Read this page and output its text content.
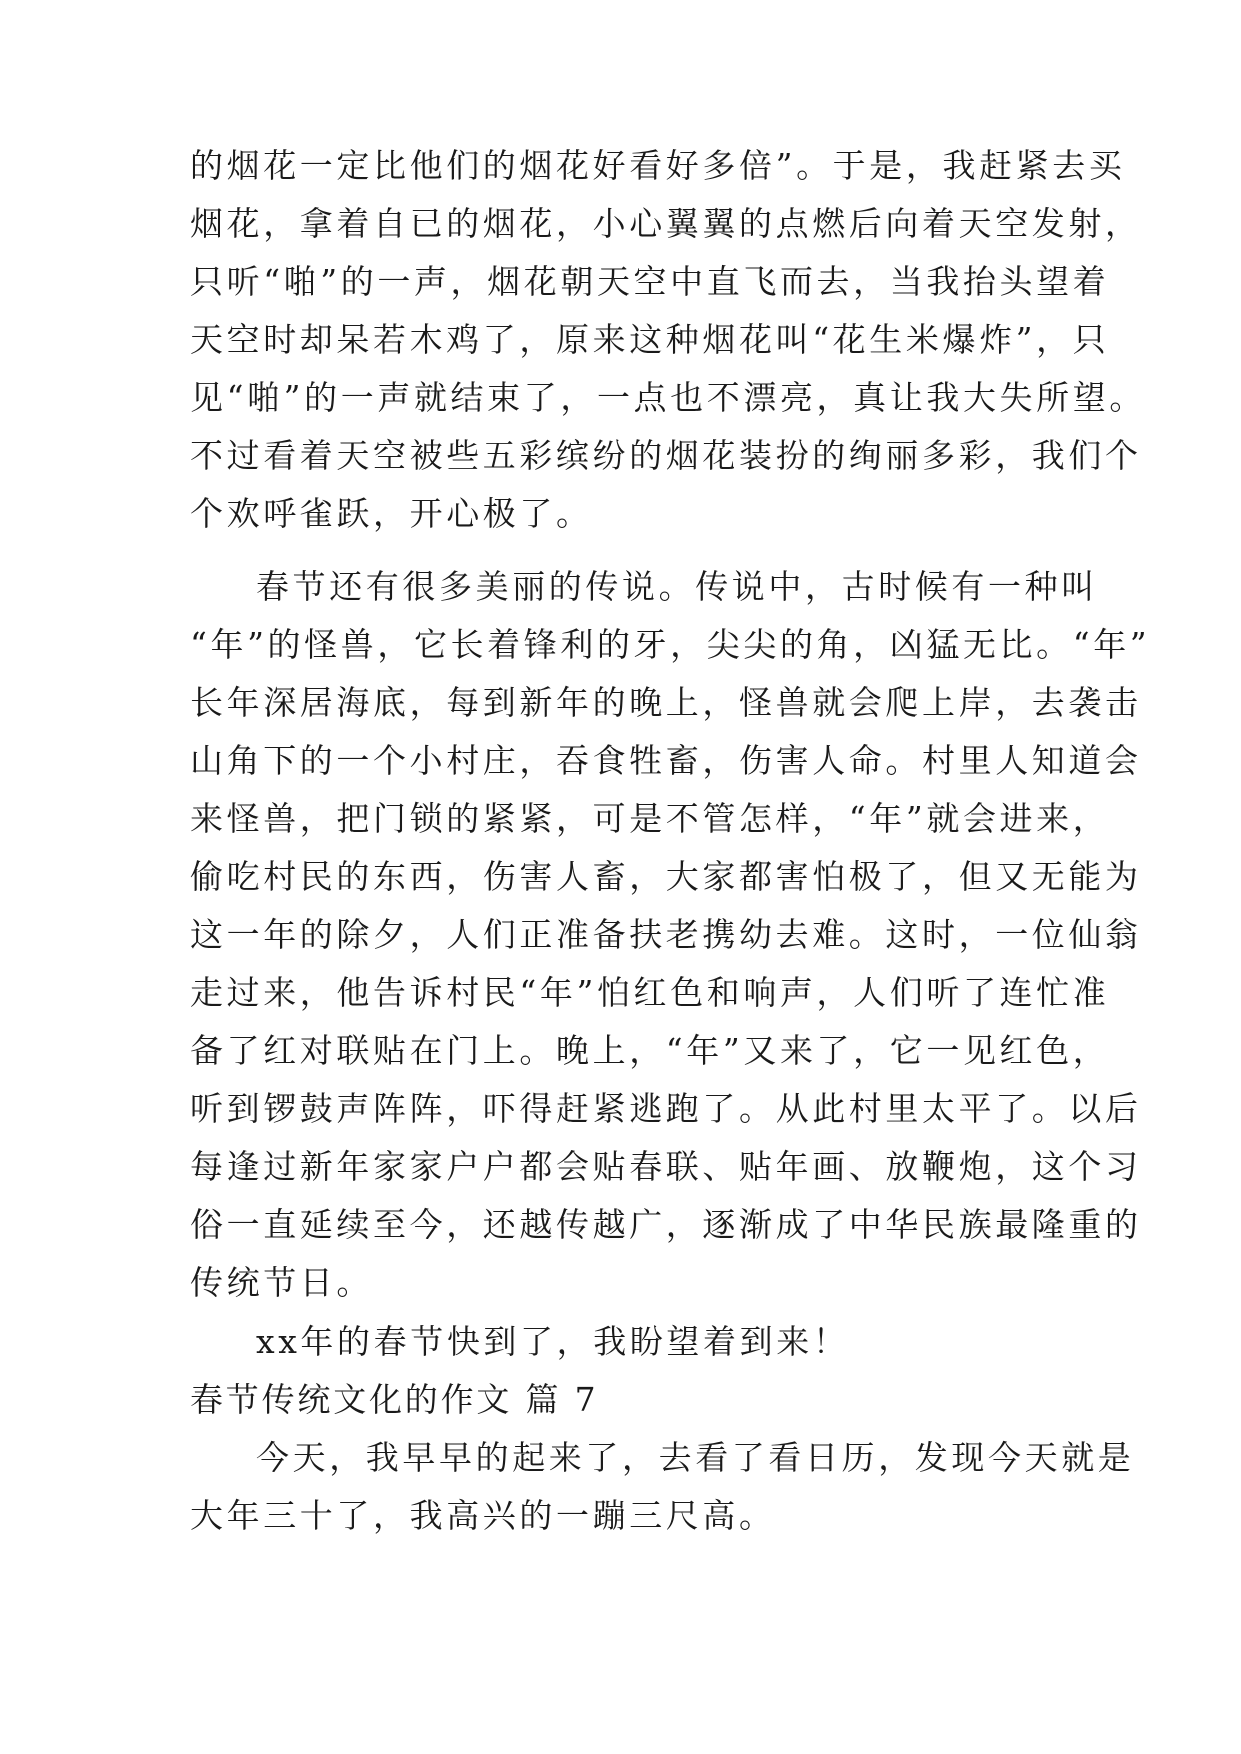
的烟花一定比他们的烟花好看好多倍”。于是，我赶紧去买
烟花，拿着自已的烟花，小心翼翼的点燃后向着天空发射，
只听“啪”的一声，烟花朝天空中直飞而去，当我抬头望着
天空时却呆若木鸡了，原来这种烟花叫“花生米爆炸”，只
见“啪”的一声就结束了，一点也不漂亮，真让我大失所望。
不过看着天空被些五彩缤纷的烟花装扮的绚丽多彩，我们个
个欢呼雀跃，开心极了。
春节还有很多美丽的传说。传说中，古时候有一种叫
“年”的怪兽，它长着锋利的牙，尖尖的角，凶猛无比。“年”
长年深居海底，每到新年的晚上，怪兽就会爬上岸，去袭击
山角下的一个小村庄，吞食牲畜，伤害人命。村里人知道会
来怪兽，把门锁的紧紧，可是不管怎样，“年”就会进来，
偷吃村民的东西，伤害人畜，大家都害怕极了，但又无能为
这一年的除夕，人们正准备扶老携幼去难。这时，一位仙翁
走过来，他告诉村民“年”怕红色和响声，人们听了连忙准
备了红对联贴在门上。晚上，“年”又来了，它一见红色，
听到锣鼓声阵阵，吓得赶紧逃跑了。从此村里太平了。以后
每逢过新年家家户户都会贴春联、贴年画、放鞭炮，这个习
俗一直延续至今，还越传越广，逐渐成了中华民族最隆重的
传统节日。
xx年的春节快到了，我盼望着到来！
春节传统文化的作文 篇 7
今天，我早早的起来了，去看了看日历，发现今天就是
大年三十了，我高兴的一蹦三尺高。
